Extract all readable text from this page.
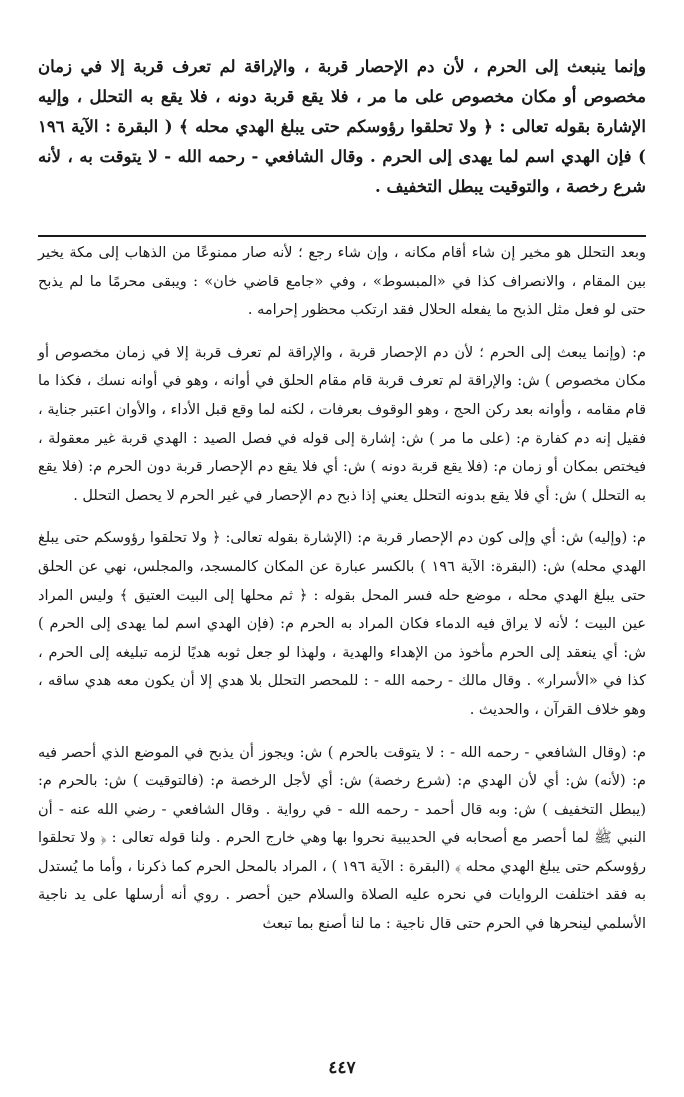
وإنما ينبعث إلى الحرم ، لأن دم الإحصار قربة ، والإراقة لم تعرف قربة إلا في زمان مخصوص أو مكان مخصوص على ما مر ، فلا يقع قربة دونه ، فلا يقع به التحلل ، وإليه الإشارة بقوله تعالى : ﴿ ولا تحلقوا رؤوسكم حتى يبلغ الهدي محله ﴾ ( البقرة : الآية ١٩٦ ) فإن الهدي اسم لما يهدى إلى الحرم . وقال الشافعي - رحمه الله - لا يتوقت به ، لأنه شرع رخصة ، والتوقيت يبطل التخفيف .

وبعد التحلل هو مخير إن شاء أقام مكانه ، وإن شاء رجع ؛ لأنه صار ممنوعًا من الذهاب إلى مكة يخير بين المقام ، والانصراف كذا في «المبسوط» ، وفي «جامع قاضي خان» : ويبقى محرمًا ما لم يذبح حتى لو فعل مثل الذبح ما يفعله الحلال فقد ارتكب محظور إحرامه .

م: (وإنما يبعث إلى الحرم ؛ لأن دم الإحصار قربة ، والإراقة لم تعرف قربة إلا في زمان مخصوص أو مكان مخصوص ) ش: والإراقة لم تعرف قربة قام مقام الحلق في أوانه ، وهو في أوانه نسك ، فكذا ما قام مقامه ، وأوانه بعد ركن الحج ، وهو الوقوف بعرفات ، لكنه لما وقع قبل الأداء ، والأوان اعتبر جناية ، فقيل إنه دم كفارة م: (على ما مر ) ش: إشارة إلى قوله في فصل الصيد : الهدي قربة غير معقولة ، فيختص بمكان أو زمان م: (فلا يقع قربة دونه ) ش: أي فلا يقع دم الإحصار قربة دون الحرم م: (فلا يقع به التحلل ) ش: أي فلا يقع بدونه التحلل يعني إذا ذبح دم الإحصار في غير الحرم لا يحصل التحلل .

م: (وإليه) ش: أي وإلى كون دم الإحصار قربة م: (الإشارة بقوله تعالى: ﴿ ولا تحلقوا رؤوسكم حتى يبلغ الهدي محله) ش: (البقرة: الآية ١٩٦ ) بالكسر عبارة عن المكان كالمسجد، والمجلس، نهي عن الحلق حتى يبلغ الهدي محله ، موضع حله فسر المحل بقوله : ﴿ ثم محلها إلى البيت العتيق ﴾ وليس المراد عين البيت ؛ لأنه لا يراق فيه الدماء فكان المراد به الحرم م: (فإن الهدي اسم لما يهدى إلى الحرم ) ش: أي ينعقد إلى الحرم مأخوذ من الإهداء والهدية ، ولهذا لو جعل ثوبه هديًا لزمه تبليغه إلى الحرم ، كذا في «الأسرار» . وقال مالك - رحمه الله - : للمحصر التحلل بلا هدي إلا أن يكون معه هدي ساقه ، وهو خلاف القرآن ، والحديث .

م: (وقال الشافعي - رحمه الله - : لا يتوقت بالحرم ) ش: ويجوز أن يذبح في الموضع الذي أحصر فيه م: (لأنه) ش: أي لأن الهدي م: (شرع رخصة) ش: أي لأجل الرخصة م: (فالتوقيت ) ش: بالحرم م: (يبطل التخفيف ) ش: وبه قال أحمد - رحمه الله - في رواية . وقال الشافعي - رضي الله عنه - أن النبي ﷺ لما أحصر مع أصحابه في الحديبية نحروا بها وهي خارج الحرم . ولنا قوله تعالى : ﴿ ولا تحلقوا رؤوسكم حتى يبلغ الهدي محله ﴾ (البقرة : الآية ١٩٦ ) ، المراد بالمحل الحرم كما ذكرنا ، وأما ما يُستدل به فقد اختلفت الروايات في نحره عليه الصلاة والسلام حين أحصر . روي أنه أرسلها على يد ناجية الأسلمي لينحرها في الحرم حتى قال ناجية : ما لنا أصنع بما تبعث

٤٤٧
